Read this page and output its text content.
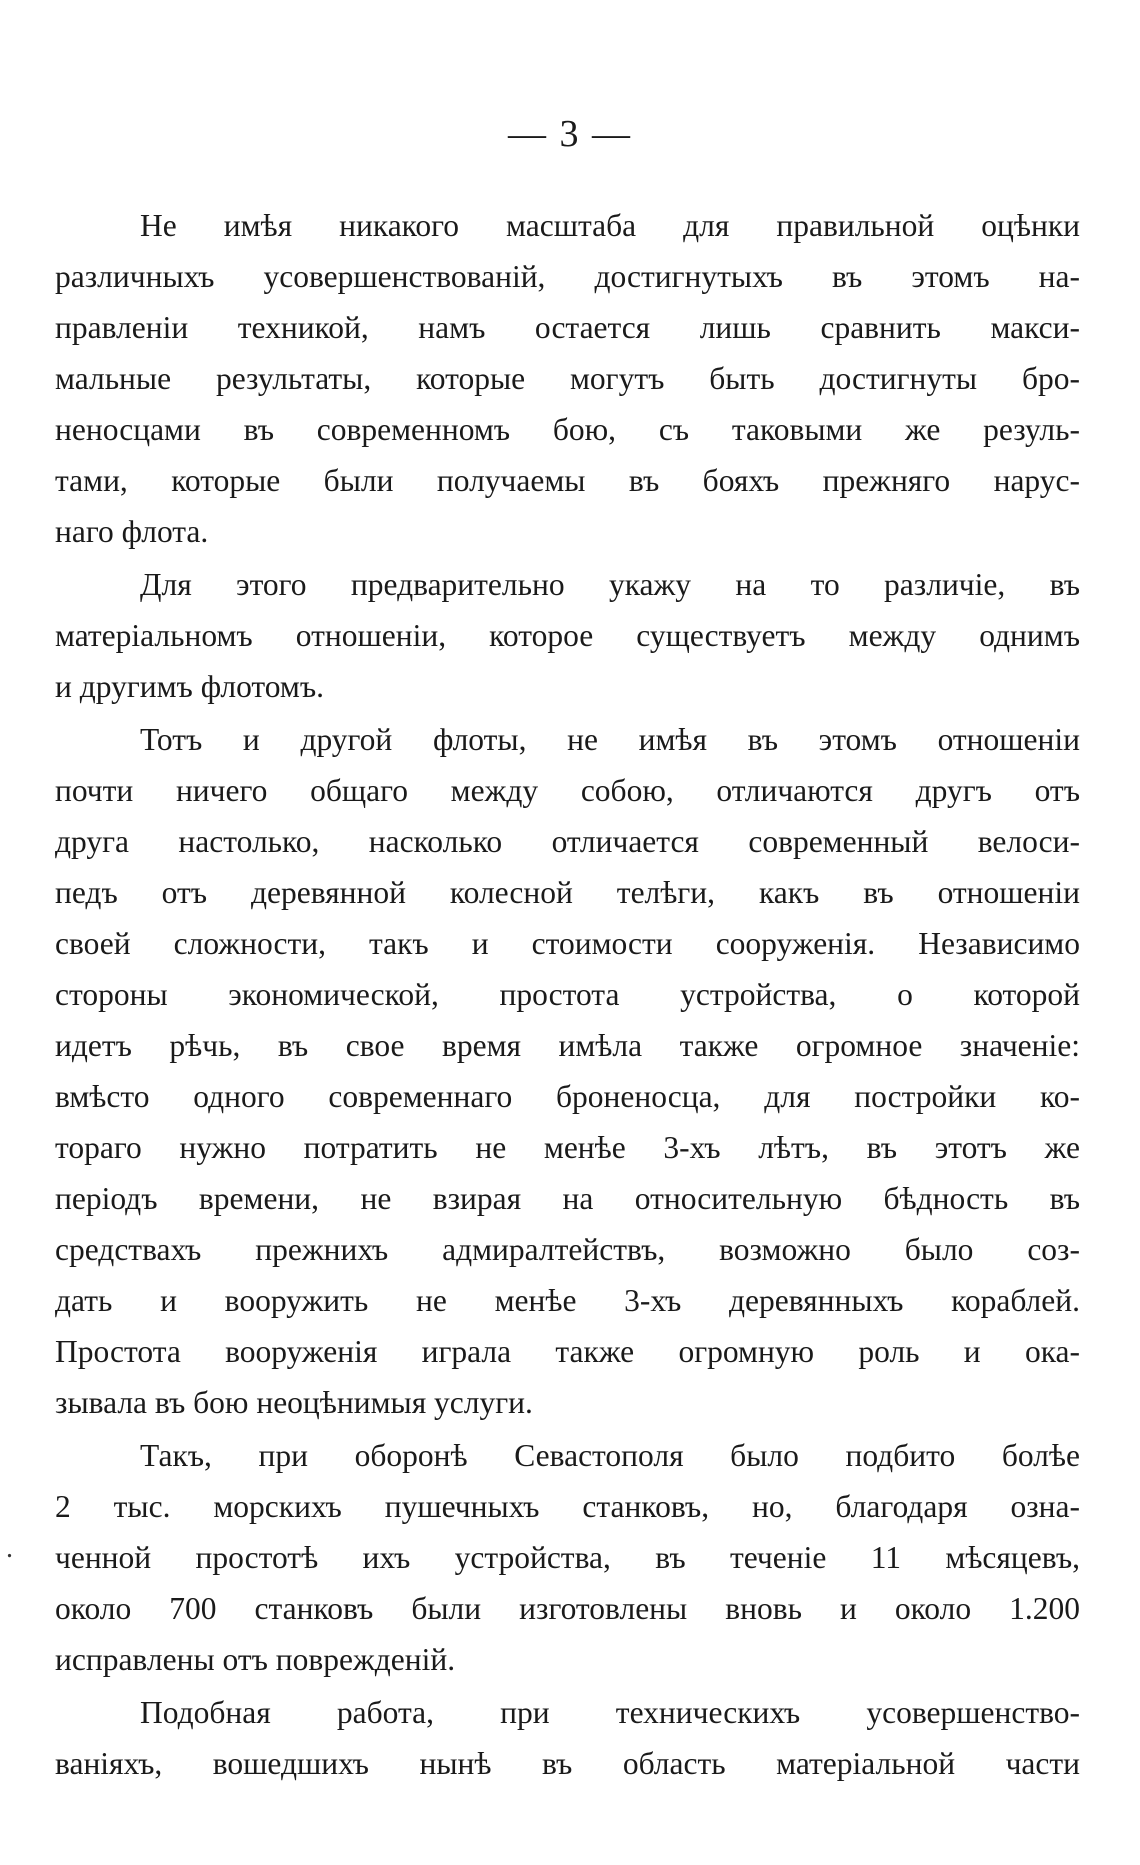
— 3 —
Не имѣя никакого масштаба для правильной оцѣнки
различныхъ усовершенствованій, достигнутыхъ въ этомъ на-
правленіи техникой, намъ остается лишь сравнить макси-
мальные результаты, которые могутъ быть достигнуты бро-
неносцами въ современномъ бою, съ таковыми же резуль-
тами, которые были получаемы въ бояхъ прежняго нарус-
наго флота.
Для этого предварительно укажу на то различіе, въ
матеріальномъ отношеніи, которое существуетъ между однимъ
и другимъ флотомъ.
Тотъ и другой флоты, не имѣя въ этомъ отношеніи
почти ничего общаго между собою, отличаются другъ отъ
друга настолько, насколько отличается современный велоси-
педъ отъ деревянной колесной телѣги, какъ въ отношеніи
своей сложности, такъ и стоимости сооруженія. Независимо
стороны экономической, простота устройства, о которой
идетъ рѣчь, въ свое время имѣла также огромное значеніе:
вмѣсто одного современнаго броненосца, для постройки ко-
тораго нужно потратить не менѣе 3-хъ лѣтъ, въ этотъ же
періодъ времени, не взирая на относительную бѣдность въ
средствахъ прежнихъ адмиралтействъ, возможно было соз-
дать и вооружить не менѣе 3-хъ деревянныхъ кораблей.
Простота вооруженія играла также огромную роль и ока-
зывала въ бою неоцѣнимыя услуги.
Такъ, при оборонѣ Севастополя было подбито болѣе
2 тыс. морскихъ пушечныхъ станковъ, но, благодаря озна-
ченной простотѣ ихъ устройства, въ теченіе 11 мѣсяцевъ,
около 700 станковъ были изготовлены вновь и около 1.200
исправлены отъ поврежденій.
Подобная работа, при техническихъ усовершенство-
ваніяхъ, вошедшихъ нынѣ въ область матеріальной части
.
